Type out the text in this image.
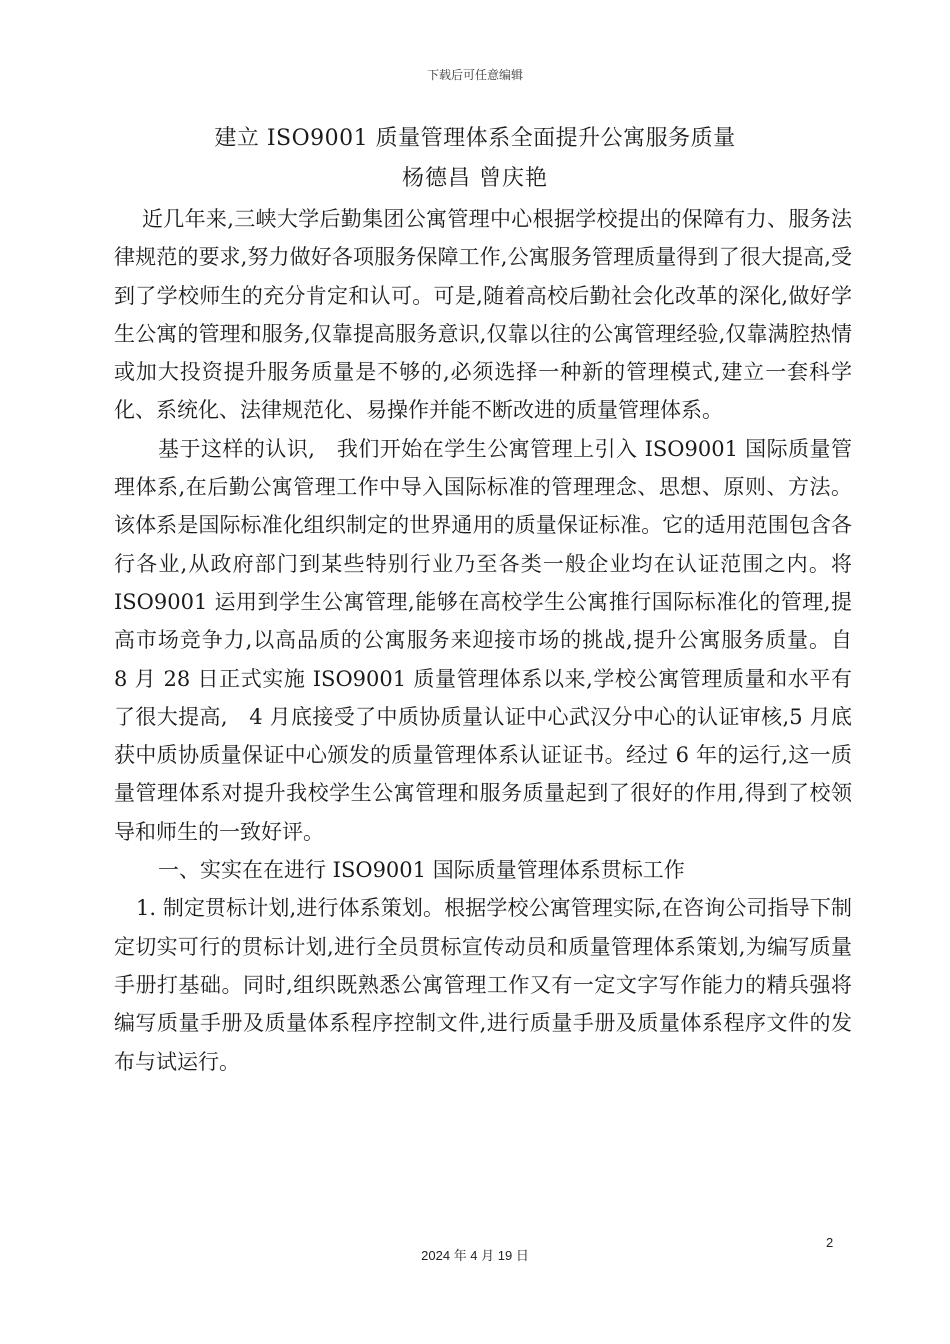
下载后可任意编辑
建立 ISO9001 质量管理体系全面提升公寓服务质量
杨德昌 曾庆艳

近几年来,三峡大学后勤集团公寓管理中心根据学校提出的保障有力、服务法律规范的要求,努力做好各项服务保障工作,公寓服务管理质量得到了很大提高,受到了学校师生的充分肯定和认可。可是,随着高校后勤社会化改革的深化,做好学生公寓的管理和服务,仅靠提高服务意识,仅靠以往的公寓管理经验,仅靠满腔热情或加大投资提升服务质量是不够的,必须选择一种新的管理模式,建立一套科学化、系统化、法律规范化、易操作并能不断改进的质量管理体系。

基于这样的认识,　我们开始在学生公寓管理上引入 ISO9001 国际质量管理体系,在后勤公寓管理工作中导入国际标准的管理理念、思想、原则、方法。该体系是国际标准化组织制定的世界通用的质量保证标准。它的适用范围包含各行各业,从政府部门到某些特别行业乃至各类一般企业均在认证范围之内。将 ISO9001 运用到学生公寓管理,能够在高校学生公寓推行国际标准化的管理,提高市场竞争力,以高品质的公寓服务来迎接市场的挑战,提升公寓服务质量。自　8 月 28 日正式实施 ISO9001 质量管理体系以来,学校公寓管理质量和水平有了很大提高,　4 月底接受了中质协质量认证中心武汉分中心的认证审核,5 月底获中质协质量保证中心颁发的质量管理体系认证证书。经过 6 年的运行,这一质量管理体系对提升我校学生公寓管理和服务质量起到了很好的作用,得到了校领导和师生的一致好评。

一、实实在在进行 ISO9001 国际质量管理体系贯标工作

1. 制定贯标计划,进行体系策划。根据学校公寓管理实际,在咨询公司指导下制定切实可行的贯标计划,进行全员贯标宣传动员和质量管理体系策划,为编写质量手册打基础。同时,组织既熟悉公寓管理工作又有一定文字写作能力的精兵强将编写质量手册及质量体系程序控制文件,进行质量手册及质量体系程序文件的发布与试运行。

2
2024 年 4 月 19 日
